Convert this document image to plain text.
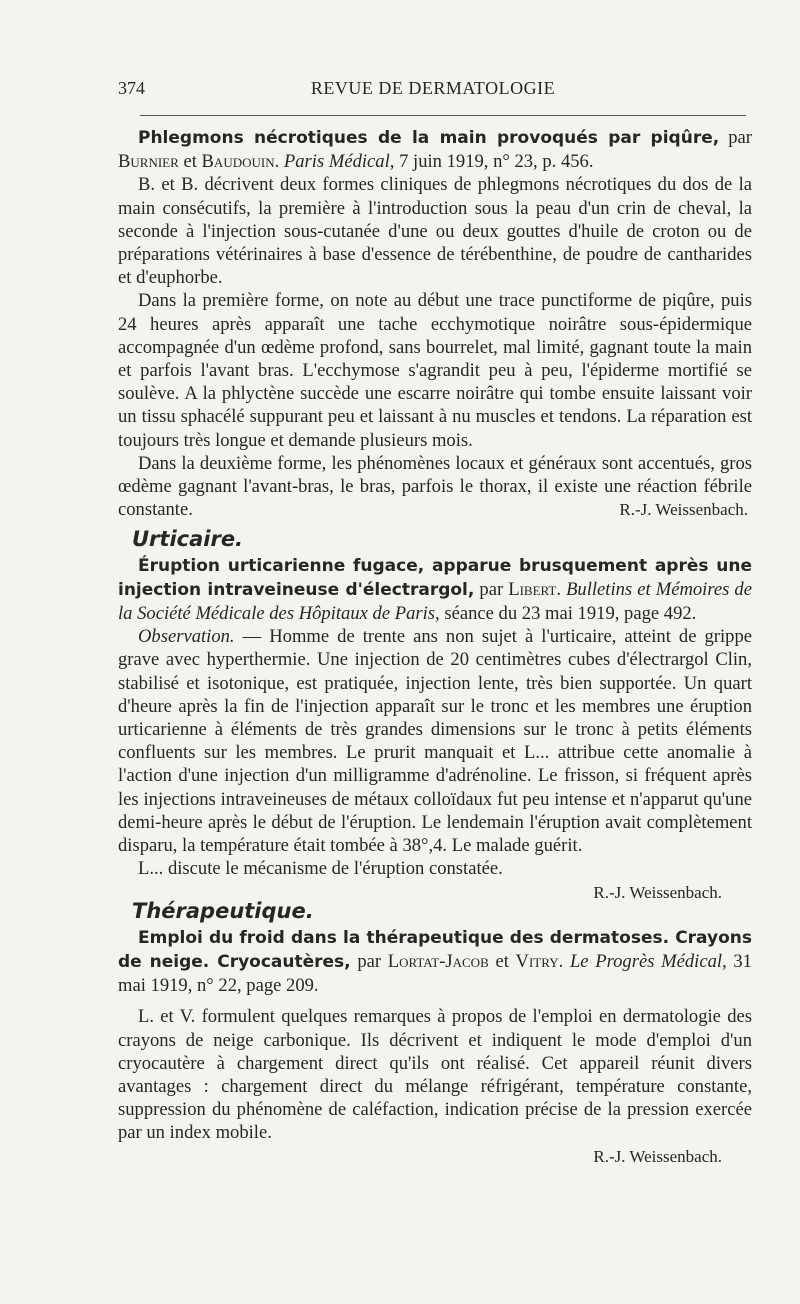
374	REVUE DE DERMATOLOGIE

Phlegmons nécrotiques de la main provoqués par piqûre, par Burnier et Baudouin. Paris Médical, 7 juin 1919, n° 23, p. 456.

B. et B. décrivent deux formes cliniques de phlegmons nécrotiques du dos de la main consécutifs, la première à l'introduction sous la peau d'un crin de cheval, la seconde à l'injection sous-cutanée d'une ou deux gouttes d'huile de croton ou de préparations vétérinaires à base d'essence de térébenthine, de poudre de cantharides et d'euphorbe.

Dans la première forme, on note au début une trace punctiforme de piqûre, puis 24 heures après apparaît une tache ecchymotique noirâtre sous-épidermique accompagnée d'un œdème profond, sans bourrelet, mal limité, gagnant toute la main et parfois l'avant bras. L'ecchymose s'agrandit peu à peu, l'épiderme mortifié se soulève. A la phlyctène succède une escarre noirâtre qui tombe ensuite laissant voir un tissu sphacélé suppurant peu et laissant à nu muscles et tendons. La réparation est toujours très longue et demande plusieurs mois.

Dans la deuxième forme, les phénomènes locaux et généraux sont accentués, gros œdème gagnant l'avant-bras, le bras, parfois le thorax, il existe une réaction fébrile constante.	R.-J. Weissenbach.

Urticaire.

Éruption urticarienne fugace, apparue brusquement après une injection intraveineuse d'électrargol, par Libert. Bulletins et Mémoires de la Société Médicale des Hôpitaux de Paris, séance du 23 mai 1919, page 492.

Observation. — Homme de trente ans non sujet à l'urticaire, atteint de grippe grave avec hyperthermie. Une injection de 20 centimètres cubes d'électrargol Clin, stabilisé et isotonique, est pratiquée, injection lente, très bien supportée. Un quart d'heure après la fin de l'injection apparaît sur le tronc et les membres une éruption urticarienne à éléments de très grandes dimensions sur le tronc à petits éléments confluents sur les membres. Le prurit manquait et L... attribue cette anomalie à l'action d'une injection d'un milligramme d'adrénoline. Le frisson, si fréquent après les injections intraveineuses de métaux colloïdaux fut peu intense et n'apparut qu'une demi-heure après le début de l'éruption. Le lendemain l'éruption avait complètement disparu, la température était tombée à 38°,4. Le malade guérit.

L... discute le mécanisme de l'éruption constatée.

R.-J. Weissenbach.

Thérapeutique.

Emploi du froid dans la thérapeutique des dermatoses. Crayons de neige. Cryocautères, par Lortat-Jacob et Vitry. Le Progrès Médical, 31 mai 1919, n° 22, page 209.

L. et V. formulent quelques remarques à propos de l'emploi en dermatologie des crayons de neige carbonique. Ils décrivent et indiquent le mode d'emploi d'un cryocautère à chargement direct qu'ils ont réalisé. Cet appareil réunit divers avantages : chargement direct du mélange réfrigérant, température constante, suppression du phénomène de caléfaction, indication précise de la pression exercée par un index mobile.

R.-J. Weissenbach.
